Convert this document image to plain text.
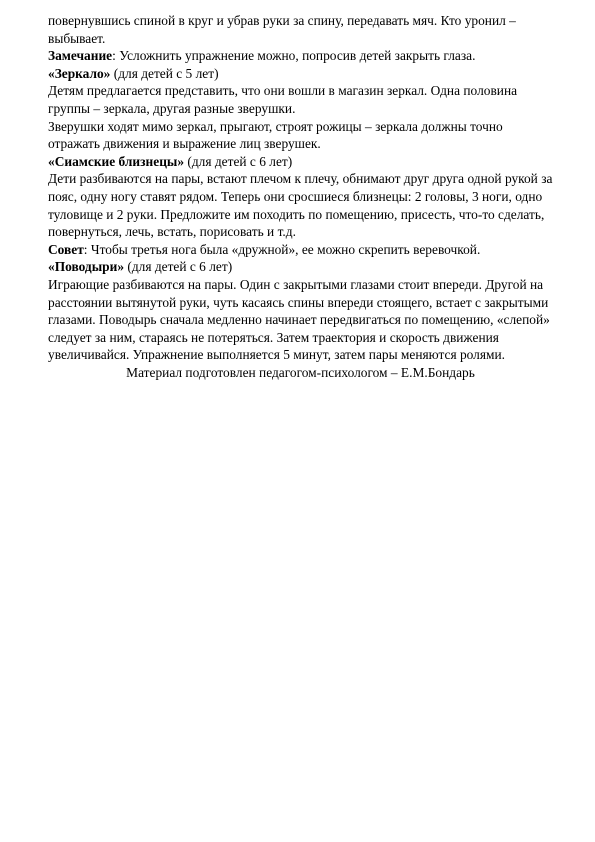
повернувшись спиной в круг и убрав руки за спину, передавать мяч. Кто уронил – выбывает.

Замечание: Усложнить упражнение можно, попросив детей закрыть глаза.

«Зеркало» (для детей с 5 лет)

Детям предлагается представить, что они вошли в магазин зеркал. Одна половина группы – зеркала, другая разные зверушки.

Зверушки ходят мимо зеркал, прыгают, строят рожицы – зеркала должны точно отражать движения и выражение лиц зверушек.

«Сиамские близнецы» (для детей с 6 лет)

Дети разбиваются на пары, встают плечом к плечу, обнимают друг друга одной рукой за пояс, одну ногу ставят рядом. Теперь они сросшиеся близнецы: 2 головы, 3 ноги, одно туловище и 2 руки. Предложите им походить по помещению, присесть, что-то сделать, повернуться, лечь, встать, порисовать и т.д.

Совет: Чтобы третья нога была «дружной», ее можно скрепить веревочкой.

«Поводыри» (для детей с 6 лет)

Играющие разбиваются на пары. Один с закрытыми глазами стоит впереди. Другой на расстоянии вытянутой руки, чуть касаясь спины впереди стоящего, встает с закрытыми глазами. Поводырь сначала медленно начинает передвигаться по помещению, «слепой» следует за ним, стараясь не потеряться. Затем траектория и скорость движения увеличивайся. Упражнение выполняется 5 минут, затем пары меняются ролями.

Материал подготовлен педагогом-психологом – Е.М.Бондарь
